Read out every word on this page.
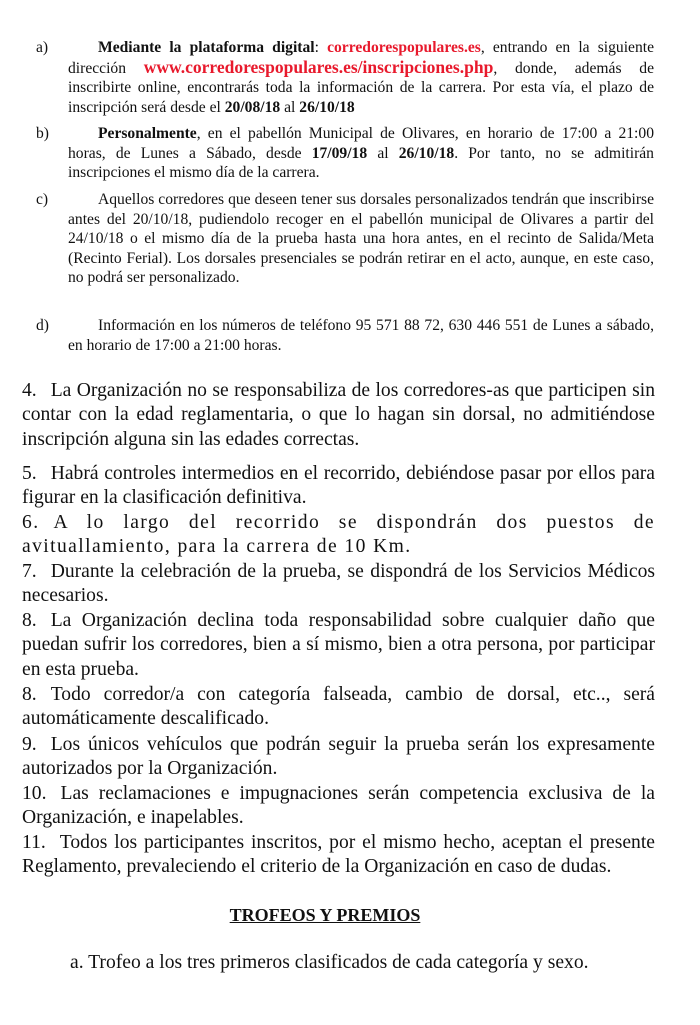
a)	Mediante la plataforma digital: corredorespopulares.es, entrando en la siguiente dirección www.corredorespopulares.es/inscripciones.php, donde, además de inscribirte online, encontrarás toda la información de la carrera. Por esta vía, el plazo de inscripción será desde el 20/08/18 al 26/10/18
b)	Personalmente, en el pabellón Municipal de Olivares, en horario de 17:00 a 21:00 horas, de Lunes a Sábado, desde 17/09/18 al 26/10/18. Por tanto, no se admitirán inscripciones el mismo día de la carrera.
c)	Aquellos corredores que deseen tener sus dorsales personalizados tendrán que inscribirse antes del 20/10/18, pudiendolo recoger en el pabellón municipal de Olivares a partir del 24/10/18 o el mismo día de la prueba hasta una hora antes, en el recinto de Salida/Meta (Recinto Ferial). Los dorsales presenciales se podrán retirar en el acto, aunque, en este caso, no podrá ser personalizado.
d)	Información en los números de teléfono 95 571 88 72, 630 446 551 de Lunes a sábado, en horario de 17:00 a 21:00 horas.
4. La Organización no se responsabiliza de los corredores-as que participen sin contar con la edad reglamentaria, o que lo hagan sin dorsal, no admitiéndose inscripción alguna sin las edades correctas.
5. Habrá controles intermedios en el recorrido, debiéndose pasar por ellos para figurar en la clasificación definitiva.
6. A lo largo del recorrido se dispondrán dos puestos de avituallamiento, para la carrera de 10 Km.
7. Durante la celebración de la prueba, se dispondrá de los Servicios Médicos necesarios.
8. La Organización declina toda responsabilidad sobre cualquier daño que puedan sufrir los corredores, bien a sí mismo, bien a otra persona, por participar en esta prueba.
8. Todo corredor/a con categoría falseada, cambio de dorsal, etc.., será automáticamente descalificado.
9. Los únicos vehículos que podrán seguir la prueba serán los expresamente autorizados por la Organización.
10. Las reclamaciones e impugnaciones serán competencia exclusiva de la Organización, e inapelables.
11. Todos los participantes inscritos, por el mismo hecho, aceptan el presente Reglamento, prevaleciendo el criterio de la Organización en caso de dudas.
TROFEOS Y PREMIOS
a. Trofeo a los tres primeros clasificados de cada categoría y sexo.
